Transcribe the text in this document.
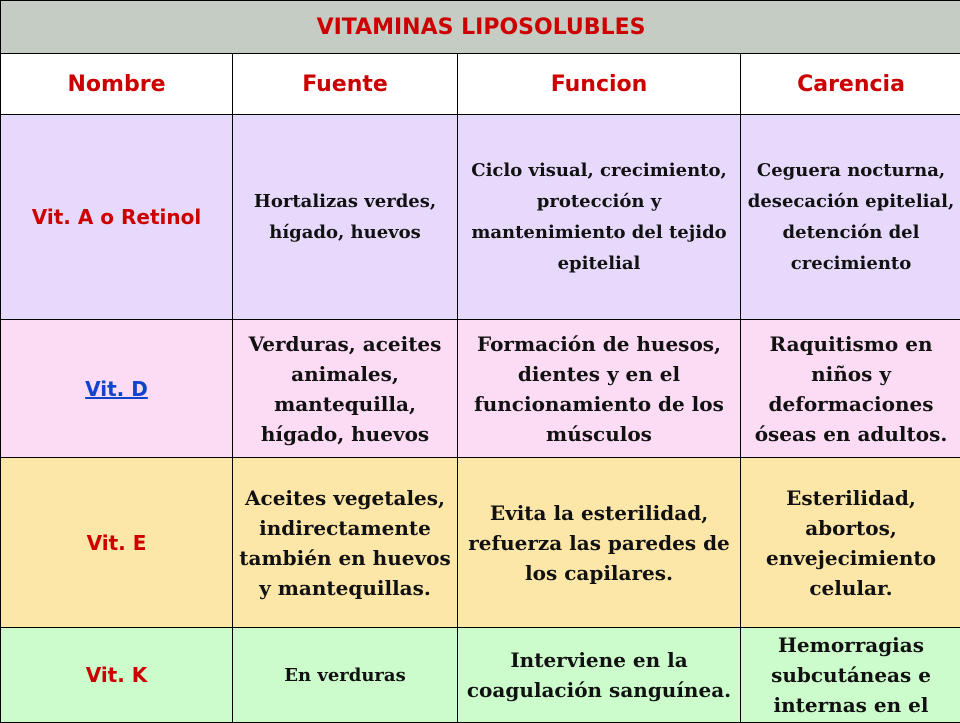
VITAMINAS LIPOSOLUBLES			
Nombre	Fuente	Funcion	Carencia
Vit. A o Retinol	Hortalizas verdes, hígado, huevos	Ciclo visual, crecimiento, protección y mantenimiento del tejido epitelial	Ceguera nocturna, desecación epitelial, detención del crecimiento
Vit. D	Verduras, aceites animales, mantequilla, hígado, huevos	Formación de huesos, dientes y en el funcionamiento de los músculos	Raquitismo en niños y deformaciones óseas en adultos.
Vit. E	Aceites vegetales, indirectamente también en huevos y mantequillas.	Evita la esterilidad, refuerza las paredes de los capilares.	Esterilidad, abortos, envejecimiento celular.
Vit. K	En verduras	Interviene en la coagulación sanguínea.	Hemorragias subcutáneas e internas en el
